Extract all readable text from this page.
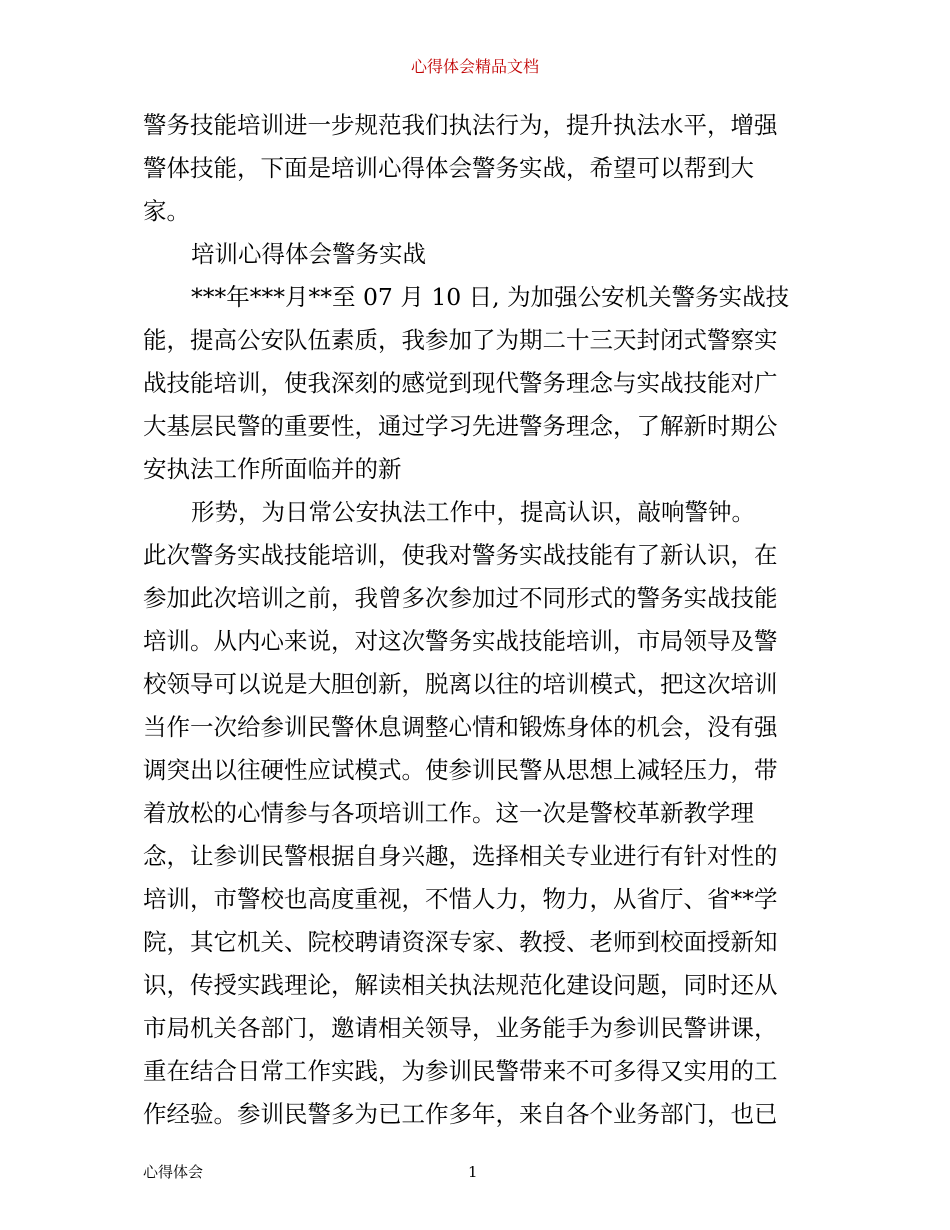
心得体会精品文档
警务技能培训进一步规范我们执法行为，提升执法水平，增强
警体技能，下面是培训心得体会警务实战，希望可以帮到大
家。
培训心得体会警务实战
***年***月**至 07 月 10 日, 为加强公安机关警务实战技
能，提高公安队伍素质，我参加了为期二十三天封闭式警察实
战技能培训，使我深刻的感觉到现代警务理念与实战技能对广
大基层民警的重要性，通过学习先进警务理念，了解新时期公
安执法工作所面临并的新
形势，为日常公安执法工作中，提高认识，敲响警钟。
此次警务实战技能培训，使我对警务实战技能有了新认识，在
参加此次培训之前，我曾多次参加过不同形式的警务实战技能
培训。从内心来说，对这次警务实战技能培训，市局领导及警
校领导可以说是大胆创新，脱离以往的培训模式，把这次培训
当作一次给参训民警休息调整心情和锻炼身体的机会，没有强
调突出以往硬性应试模式。使参训民警从思想上减轻压力，带
着放松的心情参与各项培训工作。这一次是警校革新教学理
念，让参训民警根据自身兴趣，选择相关专业进行有针对性的
培训，市警校也高度重视，不惜人力，物力，从省厅、省**学
院，其它机关、院校聘请资深专家、教授、老师到校面授新知
识，传授实践理论，解读相关执法规范化建设问题，同时还从
市局机关各部门，邀请相关领导，业务能手为参训民警讲课，
重在结合日常工作实践，为参训民警带来不可多得又实用的工
作经验。参训民警多为已工作多年，来自各个业务部门，也已
心得体会	1
